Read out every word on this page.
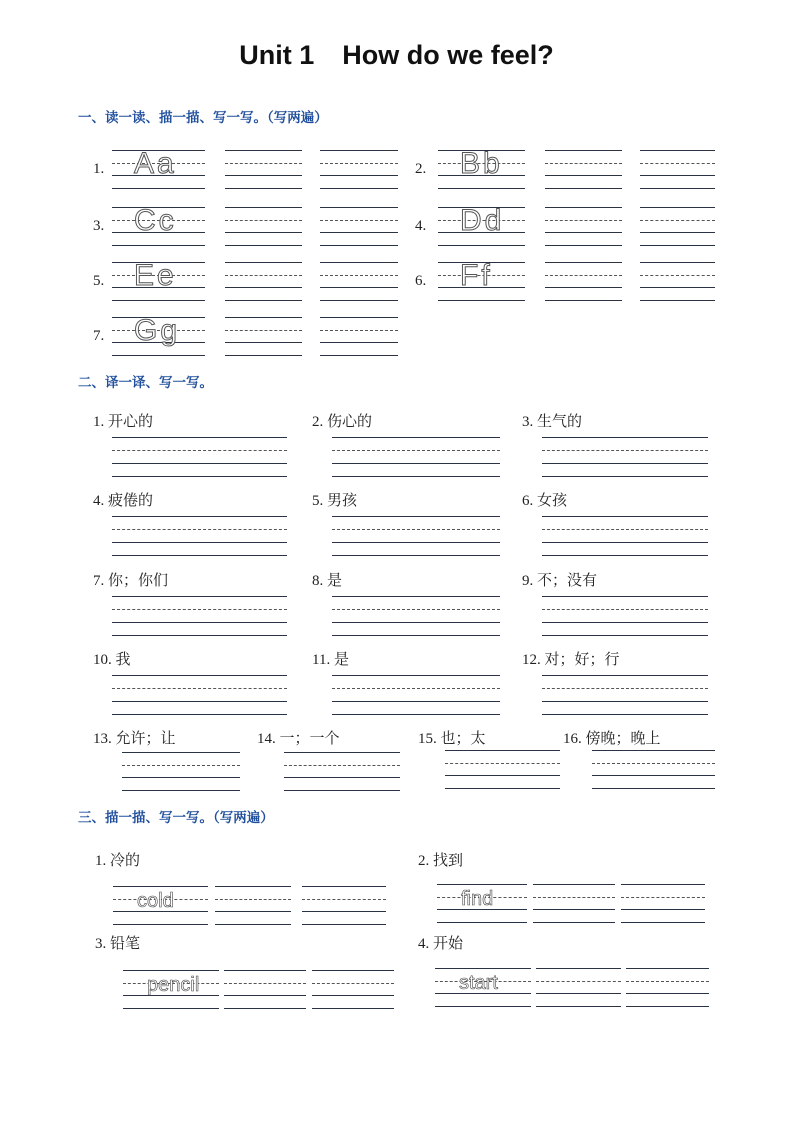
Unit 1 How do we feel?
一、读一读、描一描、写一写。（写两遍）
二、译一译、写一写。
三、描一描、写一写。（写两遍）
1. Aa	2. Bb
3. Cc	4. Dd
5. Ee	6. Ff
7. Gg
1. 开心的	2. 伤心的	3. 生气的
4. 疲倦的	5. 男孩	6. 女孩
7. 你；你们	8. 是	9. 不；没有
10. 我	11. 是	12. 对；好；行
13. 允许；让	14. 一；一个	15. 也；太	16. 傍晚；晚上
1. 冷的
cold
2. 找到
find
3. 铅笔
pencil
4. 开始
start
